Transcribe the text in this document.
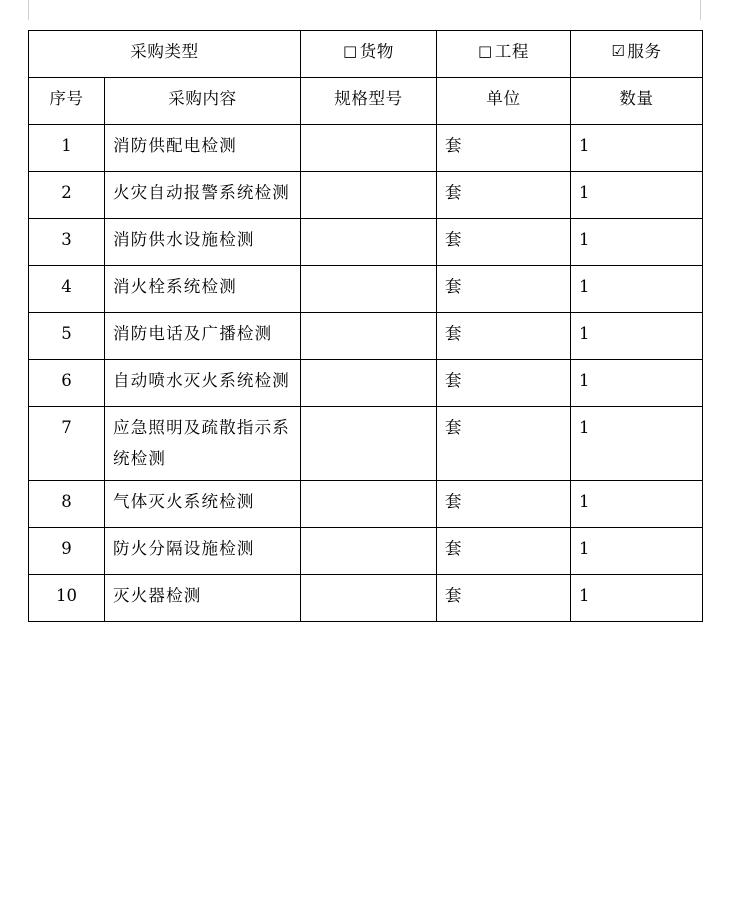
采购类型		□ 货物	□ 工程	☑ 服务
序号	采购内容	规格型号	单位	数量
1	消防供配电检测		套	1
2	火灾自动报警系统检测		套	1
3	消防供水设施检测		套	1
4	消火栓系统检测		套	1
5	消防电话及广播检测		套	1
6	自动喷水灭火系统检测		套	1
7	应急照明及疏散指示系统检测		套	1
8	气体灭火系统检测		套	1
9	防火分隔设施检测		套	1
10	灭火器检测		套	1
